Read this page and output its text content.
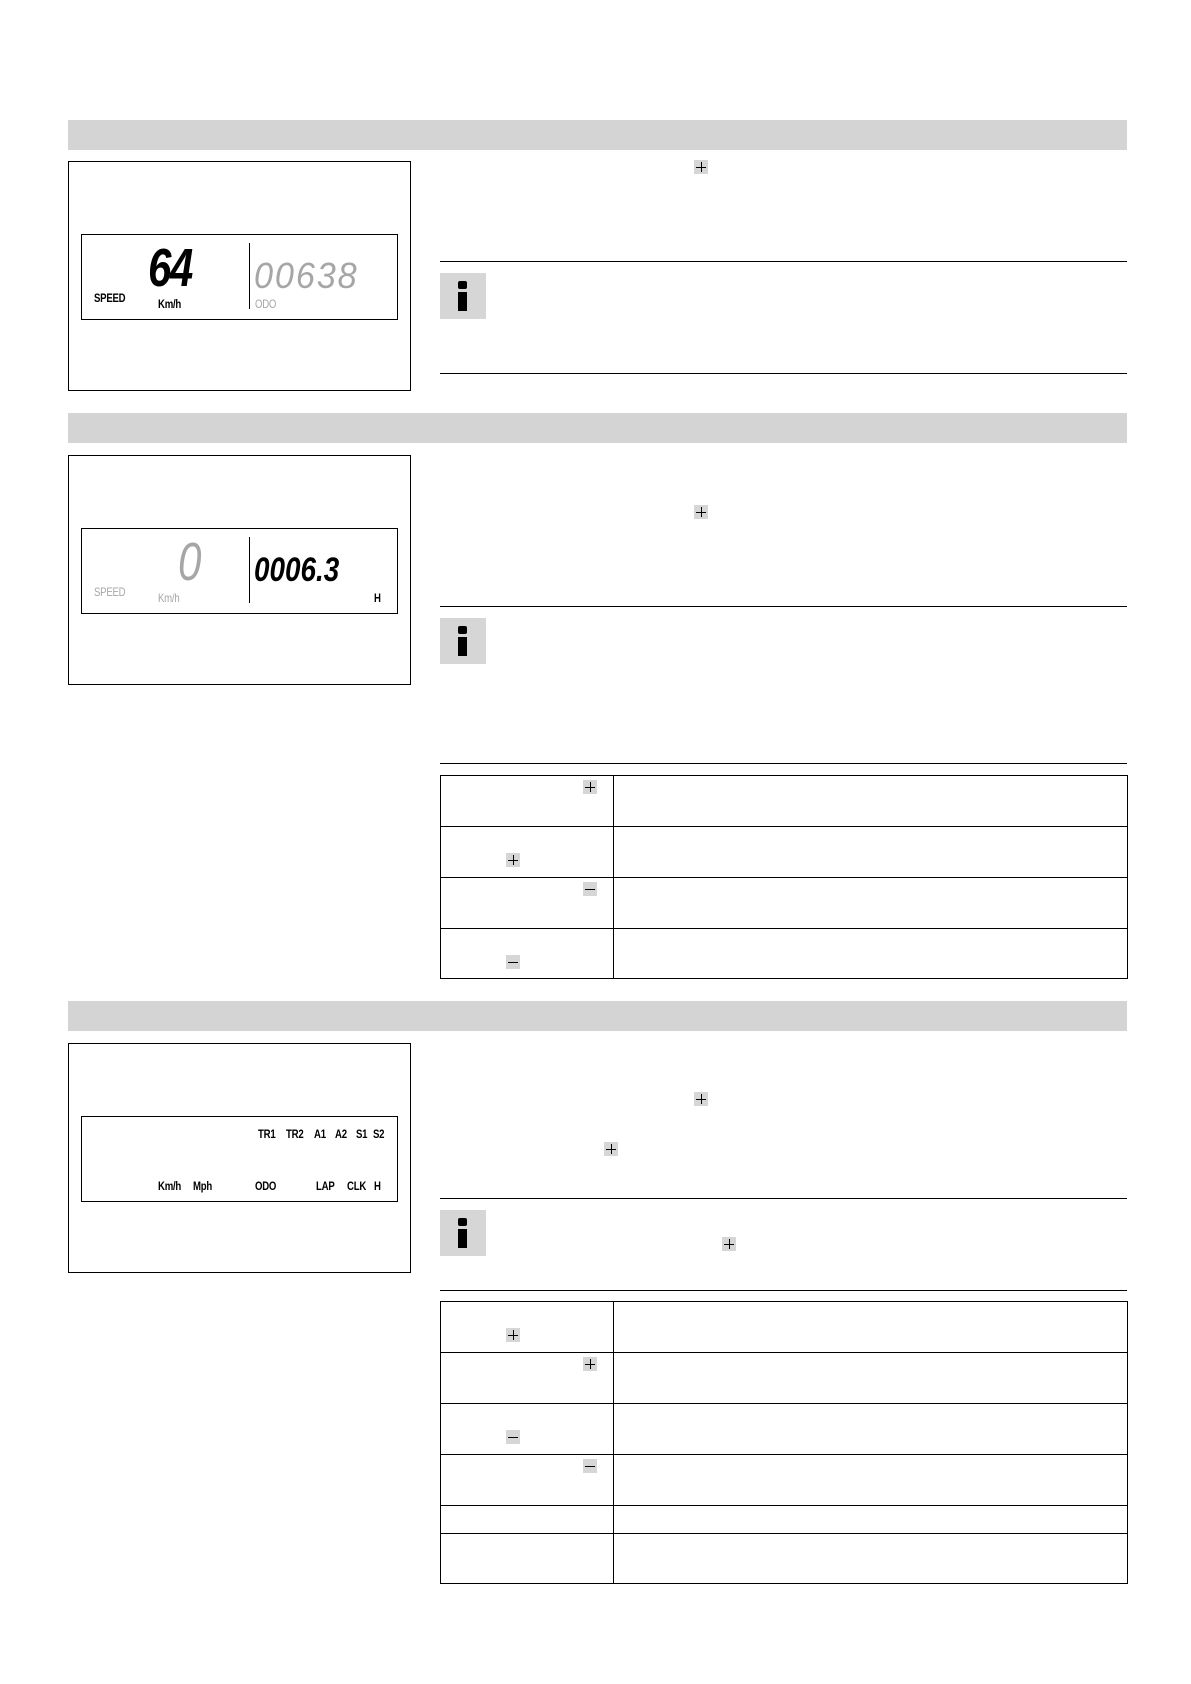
64
SPEED	Km/h
00638
ODO
0
SPEED	Km/h
0006.3
H

TR1 TR2 A1 A2 S1 S2
Km/h Mph	ODO	LAP CLK H
